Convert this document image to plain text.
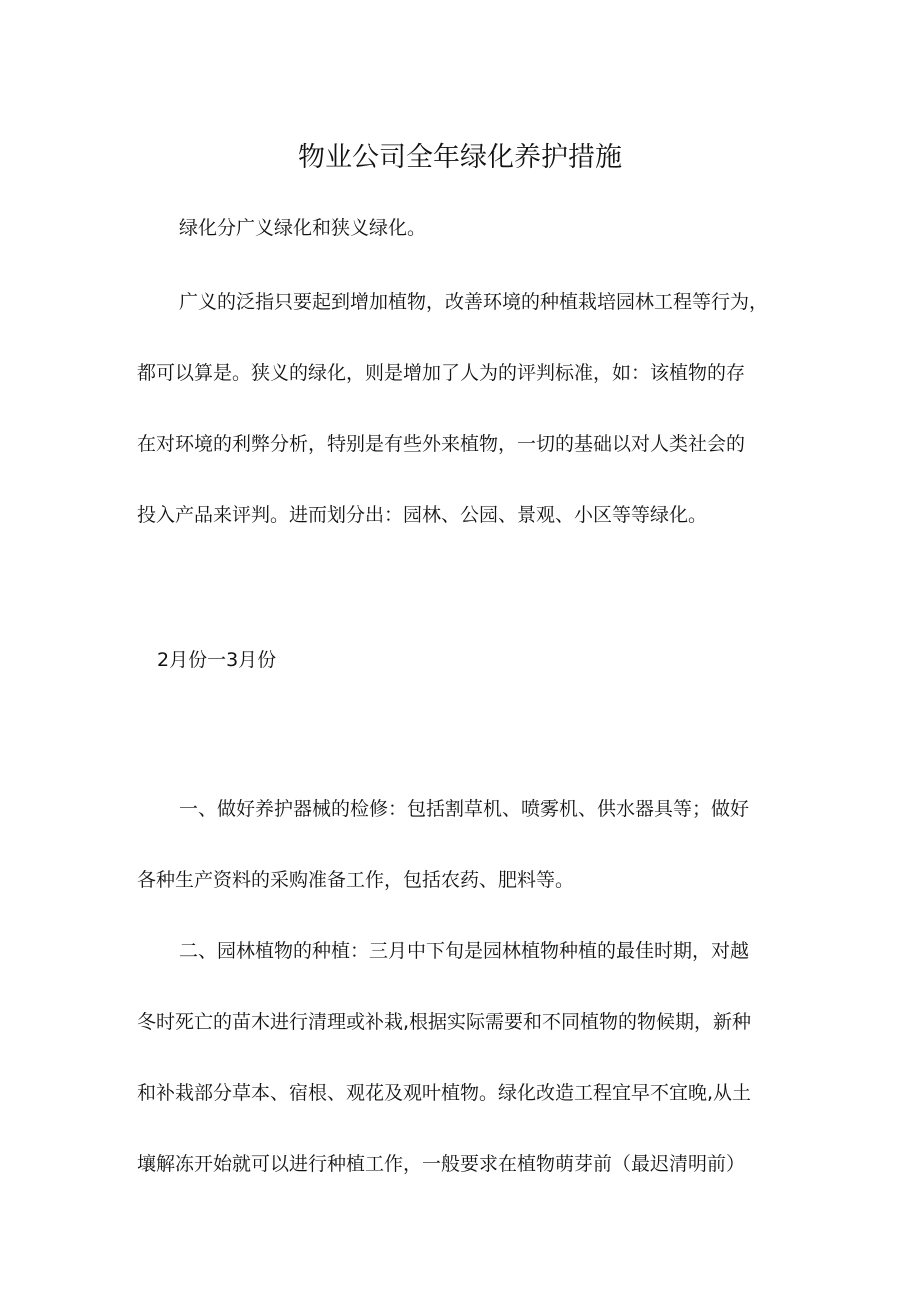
物业公司全年绿化养护措施
绿化分广义绿化和狭义绿化。
广义的泛指只要起到增加植物，改善环境的种植栽培园林工程等行为，
都可以算是。狭义的绿化，则是增加了人为的评判标准，如：该植物的存
在对环境的利弊分析，特别是有些外来植物，一切的基础以对人类社会的
投入产品来评判。进而划分出：园林、公园、景观、小区等等绿化。
2月份一3月份
一、做好养护器械的检修：包括割草机、喷雾机、供水器具等；做好
各种生产资料的采购准备工作，包括农药、肥料等。
二、园林植物的种植：三月中下旬是园林植物种植的最佳时期，对越
冬时死亡的苗木进行清理或补栽,根据实际需要和不同植物的物候期，新种
和补栽部分草本、宿根、观花及观叶植物。绿化改造工程宜早不宜晚,从土
壤解冻开始就可以进行种植工作，一般要求在植物萌芽前（最迟清明前）
